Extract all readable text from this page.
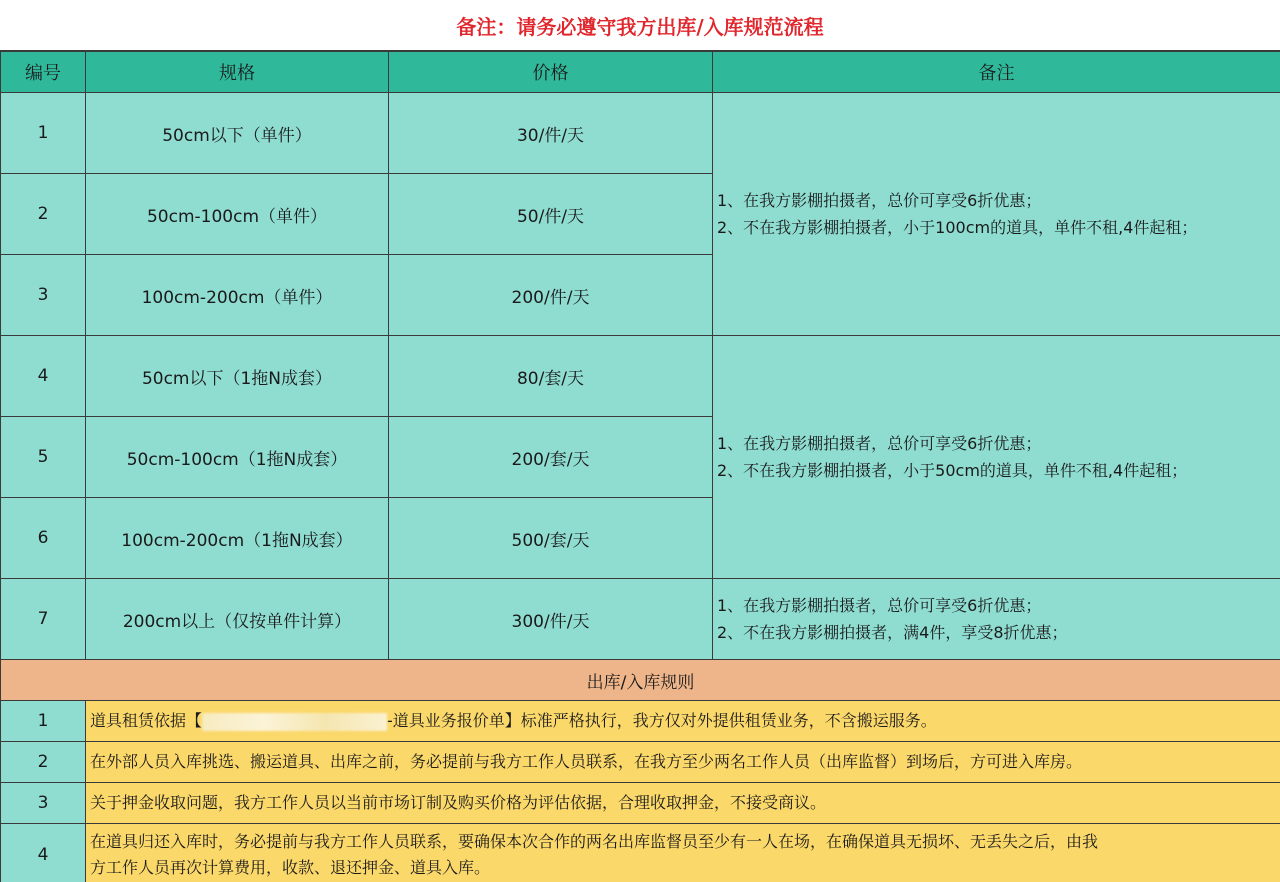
备注：请务必遵守我方出库/入库规范流程
编号	规格	价格	备注
1	50cm以下（单件）	30/件/天	1、在我方影棚拍摄者，总价可享受6折优惠；
2、不在我方影棚拍摄者，小于100cm的道具，单件不租,4件起租；

2	50cm-100cm（单件）	50/件/天	
3	100cm-200cm（单件）	200/件/天	
4	50cm以下（1拖N成套）	80/套/天	1、在我方影棚拍摄者，总价可享受6折优惠；
2、不在我方影棚拍摄者，小于50cm的道具，单件不租,4件起租；

5	50cm-100cm（1拖N成套）	200/套/天	
6	100cm-200cm（1拖N成套）	500/套/天	
7	200cm以上（仅按单件计算）	300/件/天	1、在我方影棚拍摄者，总价可享受6折优惠；
2、不在我方影棚拍摄者，满4件，享受8折优惠；

出库/入库规则			
1	道具租赁依据【 -道具业务报价单】标准严格执行，我方仅对外提供租赁业务，不含搬运服务。		
2	在外部人员入库挑选、搬运道具、出库之前，务必提前与我方工作人员联系，在我方至少两名工作人员（出库监督）到场后，方可进入库房。		
3	关于押金收取问题，我方工作人员以当前市场订制及购买价格为评估依据，合理收取押金，不接受商议。		
4	在道具归还入库时，务必提前与我方工作人员联系，要确保本次合作的两名出库监督员至少有一人在场，在确保道具无损坏、无丢失之后，由我
方工作人员再次计算费用，收款、退还押金、道具入库。		
